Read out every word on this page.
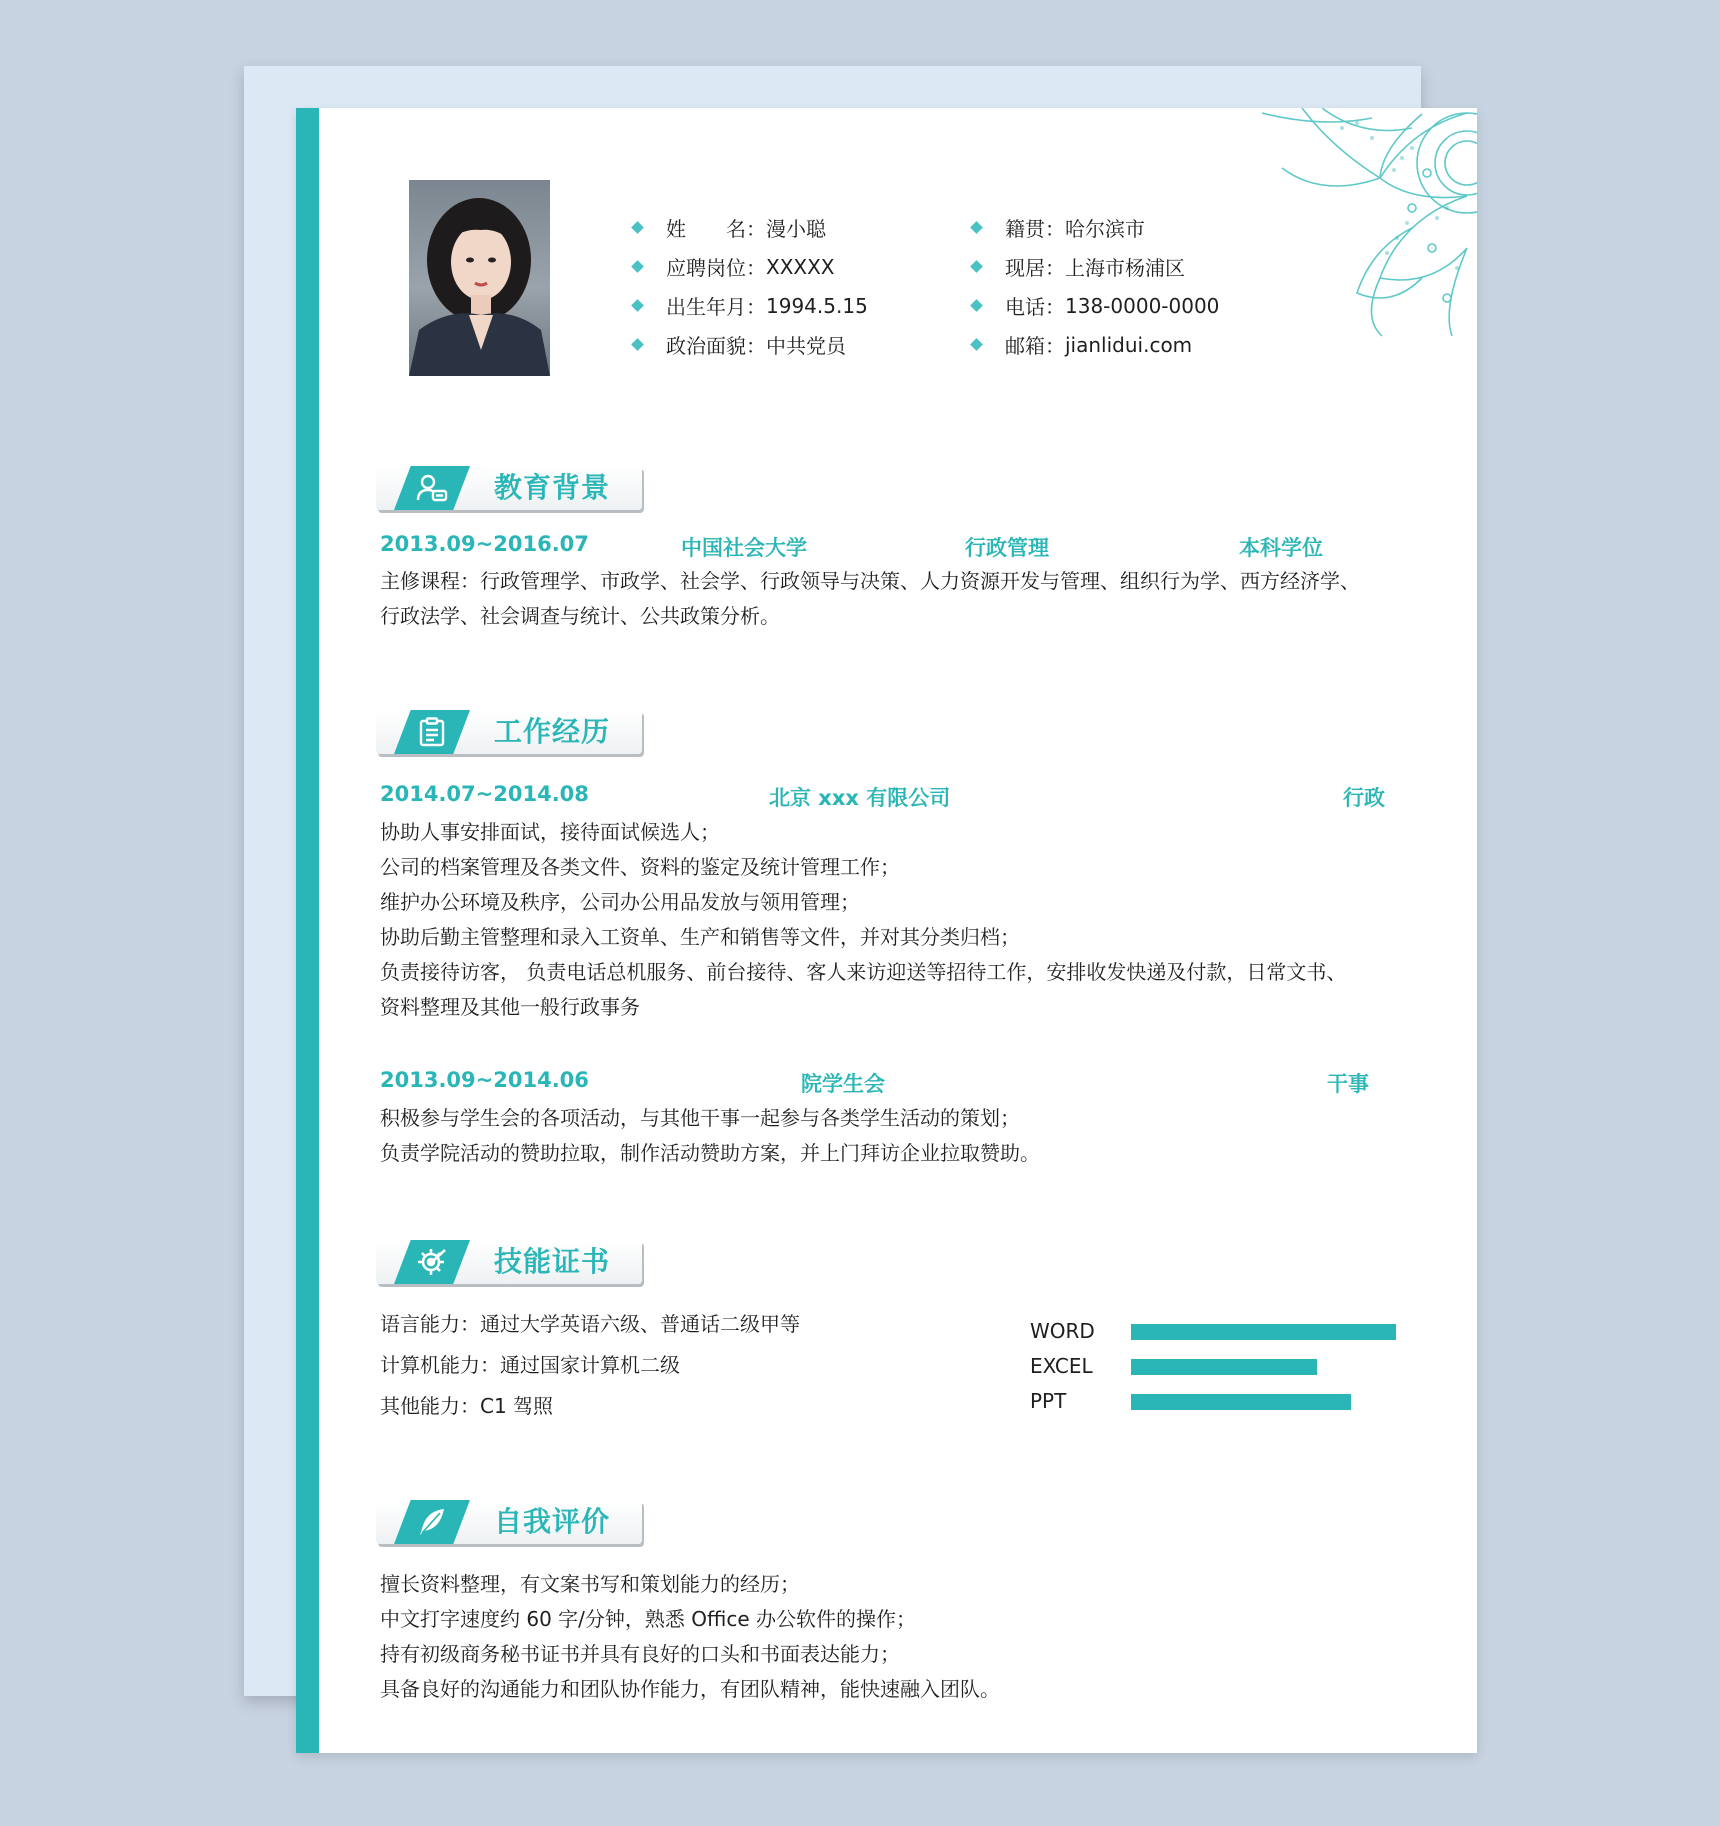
姓　　名： 漫小聪
应聘岗位： XXXXX
出生年月： 1994.5.15
政治面貌： 中共党员
籍贯： 哈尔滨市
现居： 上海市杨浦区
电话： 138-0000-0000
邮箱： jianlidui.com
教育背景
2013.09~2016.07	中国社会大学	行政管理	本科学位
主修课程：行政管理学、市政学、社会学、行政领导与决策、人力资源开发与管理、组织行为学、西方经济学、
行政法学、社会调查与统计、公共政策分析。
工作经历
2014.07~2014.08	北京 xxx 有限公司	行政
协助人事安排面试，接待面试候选人；
公司的档案管理及各类文件、资料的鉴定及统计管理工作；
维护办公环境及秩序，公司办公用品发放与领用管理；
协助后勤主管整理和录入工资单、生产和销售等文件，并对其分类归档；
负责接待访客， 负责电话总机服务、前台接待、客人来访迎送等招待工作，安排收发快递及付款，日常文书、
资料整理及其他一般行政事务
2013.09~2014.06	院学生会	干事
积极参与学生会的各项活动，与其他干事一起参与各类学生活动的策划；
负责学院活动的赞助拉取，制作活动赞助方案，并上门拜访企业拉取赞助。
技能证书
语言能力：通过大学英语六级、普通话二级甲等
计算机能力：通过国家计算机二级
其他能力：C1 驾照
WORD
EXCEL
PPT
自我评价
擅长资料整理，有文案书写和策划能力的经历；
中文打字速度约 60 字/分钟，熟悉 Office 办公软件的操作；
持有初级商务秘书证书并具有良好的口头和书面表达能力；
具备良好的沟通能力和团队协作能力，有团队精神，能快速融入团队。
